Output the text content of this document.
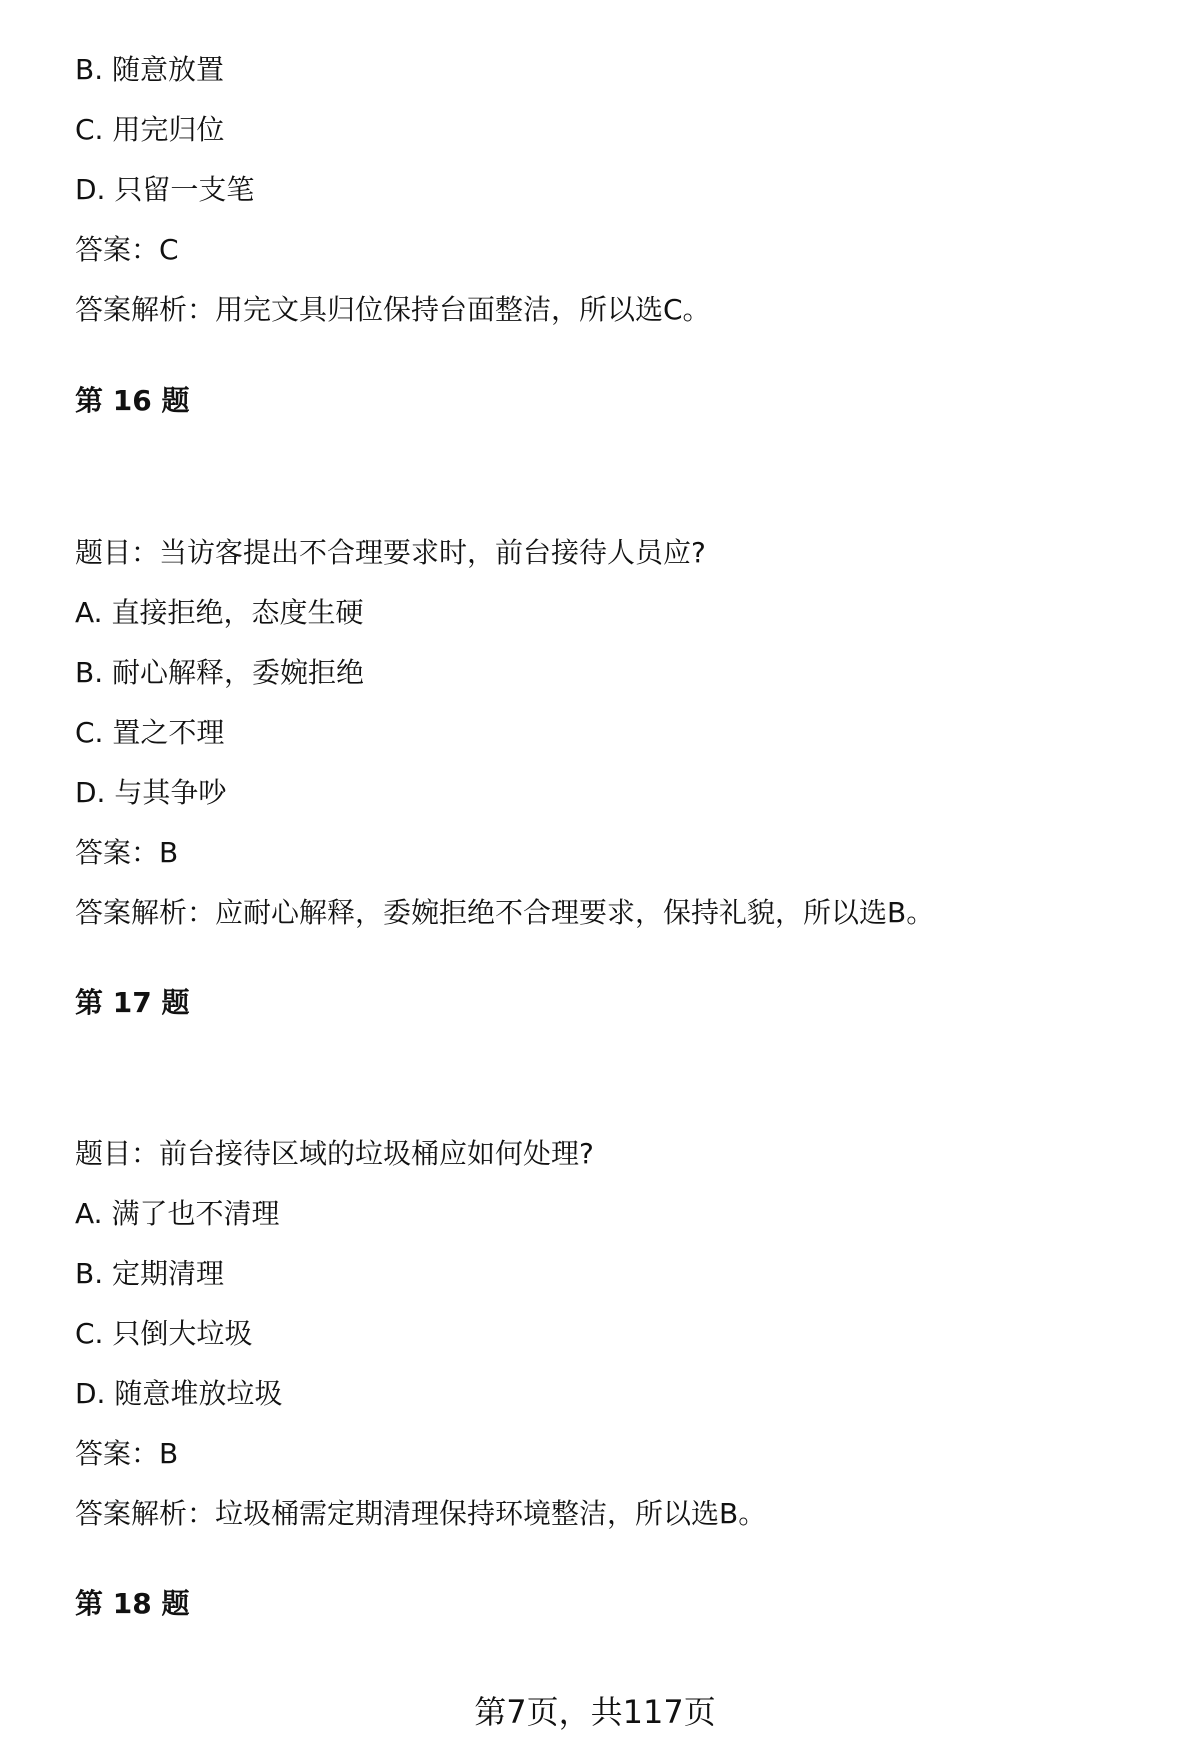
B. 随意放置
C. 用完归位
D. 只留一支笔
答案：C
答案解析：用完文具归位保持台面整洁，所以选C。
第 16 题
题目：当访客提出不合理要求时，前台接待人员应?
A. 直接拒绝，态度生硬
B. 耐心解释，委婉拒绝
C. 置之不理
D. 与其争吵
答案：B
答案解析：应耐心解释，委婉拒绝不合理要求，保持礼貌，所以选B。
第 17 题
题目：前台接待区域的垃圾桶应如何处理?
A. 满了也不清理
B. 定期清理
C. 只倒大垃圾
D. 随意堆放垃圾
答案：B
答案解析：垃圾桶需定期清理保持环境整洁，所以选B。
第 18 题
第7页，共117页
